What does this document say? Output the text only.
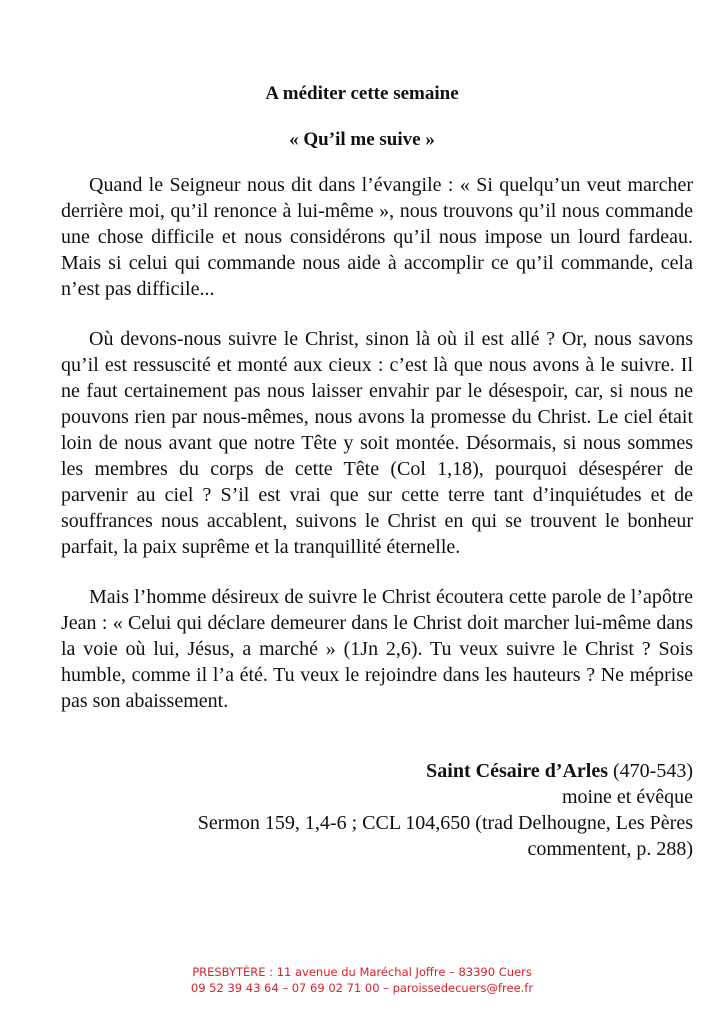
A méditer cette semaine
« Qu’il me suive »

Quand le Seigneur nous dit dans l’évangile : « Si quelqu’un veut marcher derrière moi, qu’il renonce à lui-même », nous trouvons qu’il nous commande une chose difficile et nous considérons qu’il nous impose un lourd fardeau. Mais si celui qui commande nous aide à accomplir ce qu’il commande, cela n’est pas difficile...

Où devons-nous suivre le Christ, sinon là où il est allé ? Or, nous savons qu’il est ressuscité et monté aux cieux : c’est là que nous avons à le suivre. Il ne faut certainement pas nous laisser envahir par le désespoir, car, si nous ne pouvons rien par nous-mêmes, nous avons la promesse du Christ. Le ciel était loin de nous avant que notre Tête y soit montée. Désormais, si nous sommes les membres du corps de cette Tête (Col 1,18), pourquoi désespérer de parvenir au ciel ? S’il est vrai que sur cette terre tant d’inquiétudes et de souffrances nous accablent, suivons le Christ en qui se trouvent le bonheur parfait, la paix suprême et la tranquillité éternelle.

Mais l’homme désireux de suivre le Christ écoutera cette parole de l’apôtre Jean : « Celui qui déclare demeurer dans le Christ doit marcher lui-même dans la voie où lui, Jésus, a marché » (1Jn 2,6). Tu veux suivre le Christ ? Sois humble, comme il l’a été. Tu veux le rejoindre dans les hauteurs ? Ne méprise pas son abaissement.

Saint Césaire d’Arles (470-543)
moine et évêque
Sermon 159, 1,4-6 ; CCL 104,650 (trad Delhougne, Les Pères
commentent, p. 288)
PRESBYTÈRE : 11 avenue du Maréchal Joffre – 83390 Cuers
09 52 39 43 64 – 07 69 02 71 00 – paroissedecuers@free.fr
